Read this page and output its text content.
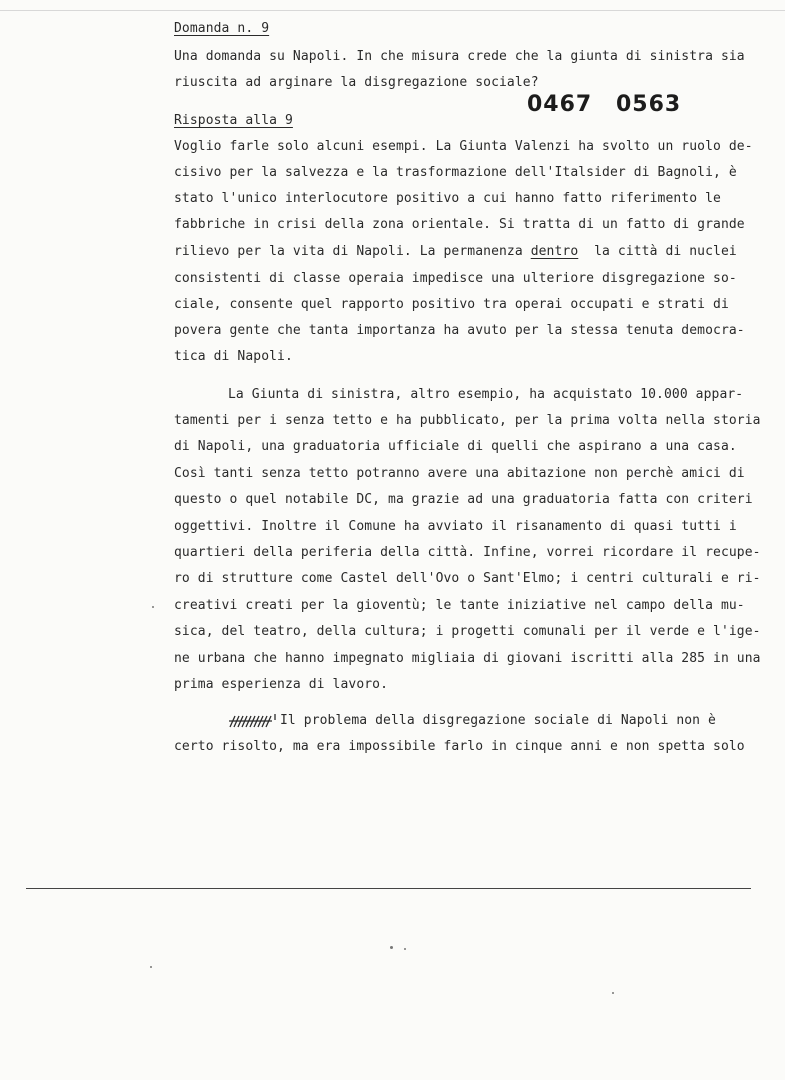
Domanda n. 9
Una domanda su Napoli. In che misura crede che la giunta di sinistra sia
riuscita ad arginare la disgregazione sociale?
0467 0563
Risposta alla 9
Voglio farle solo alcuni esempi. La Giunta Valenzi ha svolto un ruolo de-
cisivo per la salvezza e la trasformazione dell'Italsider di Bagnoli, è
stato l'unico interlocutore positivo a cui hanno fatto riferimento le
fabbriche in crisi della zona orientale. Si tratta di un fatto di grande
rilievo per la vita di Napoli. La permanenza dentro  la città di nuclei
consistenti di classe operaia impedisce una ulteriore disgregazione so-
ciale, consente quel rapporto positivo tra operai occupati e strati di
povera gente che tanta importanza ha avuto per la stessa tenuta democra-
tica di Napoli.
La Giunta di sinistra, altro esempio, ha acquistato 10.000 appar-
tamenti per i senza tetto e ha pubblicato, per la prima volta nella storia
di Napoli, una graduatoria ufficiale di quelli che aspirano a una casa.
Così tanti senza tetto potranno avere una abitazione non perchè amici di
questo o quel notabile DC, ma grazie ad una graduatoria fatta con criteri
oggettivi. Inoltre il Comune ha avviato il risanamento di quasi tutti i
quartieri della periferia della città. Infine, vorrei ricordare il recupe-
ro di strutture come Castel dell'Ovo o Sant'Elmo; i centri culturali e ri-
creativi creati per la gioventù; le tante iniziative nel campo della mu-
sica, del teatro, della cultura; i progetti comunali per il verde e l'ige-
ne urbana che hanno impegnato migliaia di giovani iscritti alla 285 in una
prima esperienza di lavoro.
Il problema della disgregazione sociale di Napoli non è
certo risolto, ma era impossibile farlo in cinque anni e non spetta solo
